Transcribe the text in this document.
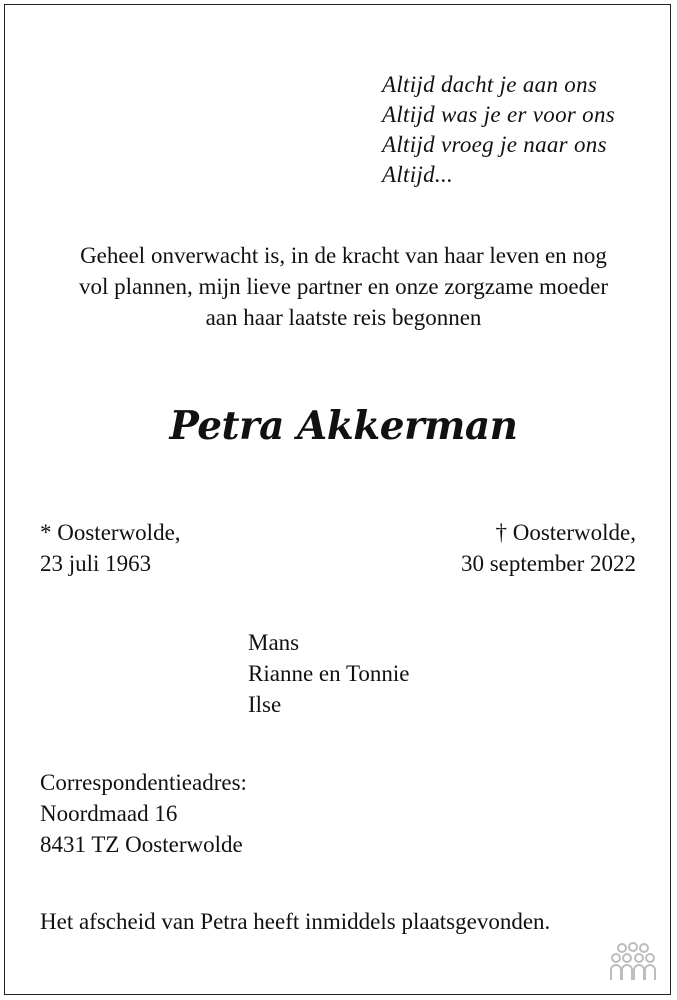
Altijd dacht je aan ons
Altijd was je er voor ons
Altijd vroeg je naar ons
Altijd...
Geheel onverwacht is, in de kracht van haar leven en nog
vol plannen, mijn lieve partner en onze zorgzame moeder
aan haar laatste reis begonnen
Petra Akkerman
* Oosterwolde,
23 juli 1963
† Oosterwolde,
30 september 2022
Mans
Rianne en Tonnie
Ilse
Correspondentieadres:
Noordmaad 16
8431 TZ Oosterwolde
Het afscheid van Petra heeft inmiddels plaatsgevonden.
